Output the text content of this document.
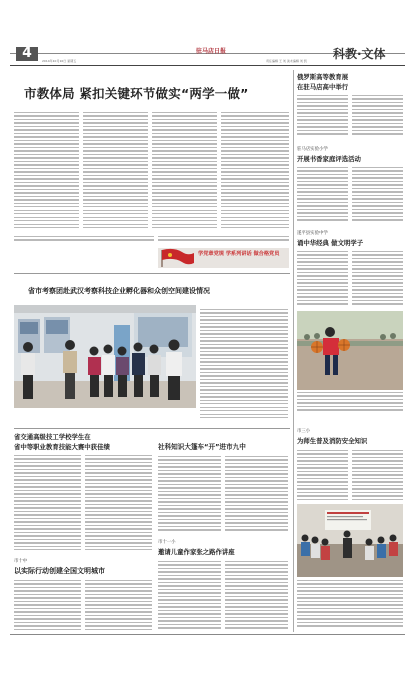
4	2014年10月10日 星期五
驻马店日报
责任编辑 王 刘 美术编辑 刘 凯	科教·文体
市教体局 紧扣关键环节做实“两学一做”
学党章党规 学系列讲话 做合格党员
省市考察团赴武汉考察科技企业孵化器和众创空间建设情况
省交通高级技工学校学生在
省中等职业教育技能大赛中获佳绩
市十中
以实际行动创建全国文明城市
社科知识大篷车“开”进市九中
市十一小
邀请儿童作家张之路作讲座
俄罗斯高等教育展
在驻马店高中举行
驻马店实验小学
开展书香家庭评选活动
遂平县实验中学
诵中华经典 做文明学子
市三小
为师生普及消防安全知识
